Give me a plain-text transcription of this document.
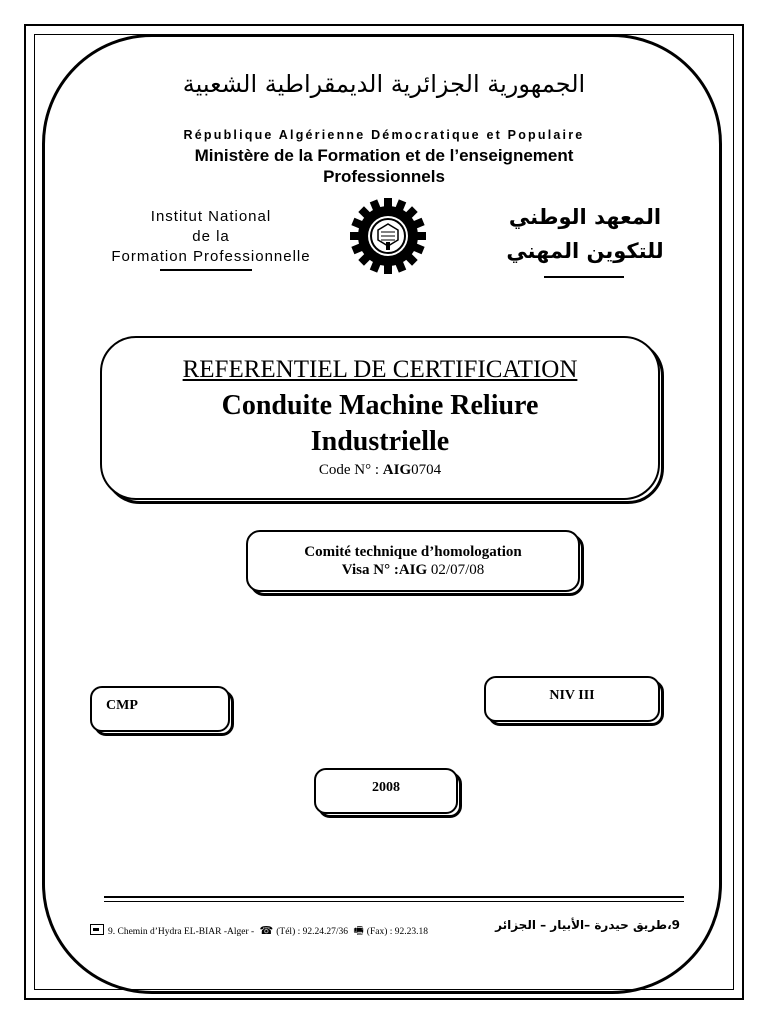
الجمهورية الجزائرية الديمقراطية الشعبية
République Algérienne Démocratique et Populaire
Ministère de la Formation et de l’enseignement
Professionnels
Institut National
de la
Formation Professionnelle
المعهد الوطني
للتكوين المهني
REFERENTIEL DE CERTIFICATION
Conduite Machine Reliure
Industrielle
Code N° : AIG0704
Comité technique d’homologation
Visa N° :AIG 02/07/08
CMP
NIV III
2008
9. Chemin d’Hydra EL-BIAR -Alger - ☎ (Tél) : 92.24.27/36 🖷 (Fax) : 92.23.18	9،طريق حيدرة –الأبيار – الجزائر
